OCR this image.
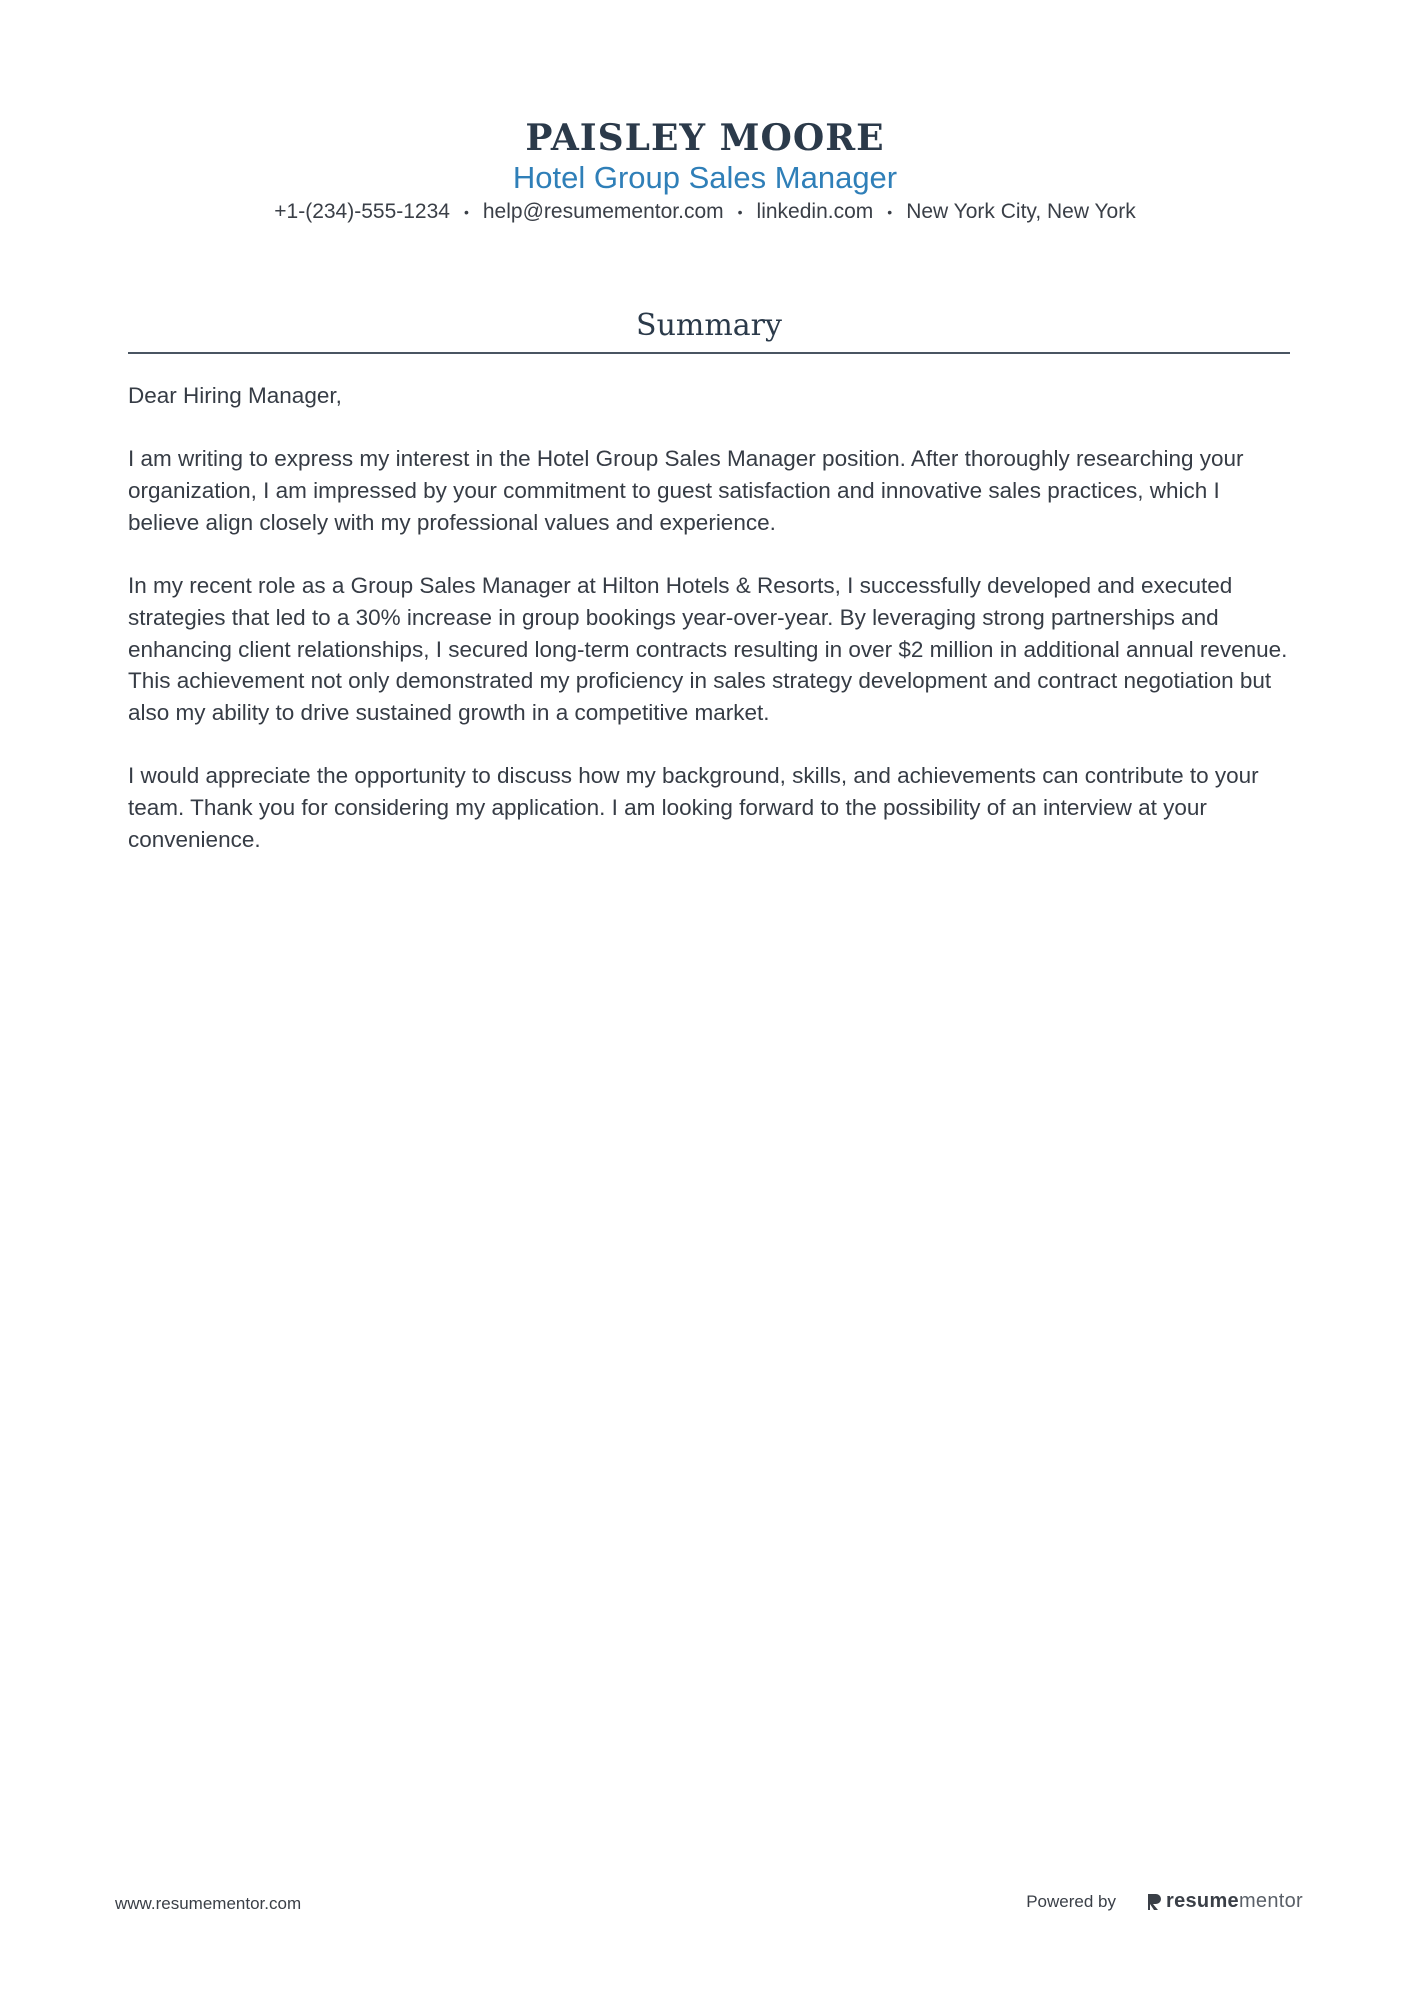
PAISLEY MOORE
Hotel Group Sales Manager
+1-(234)-555-1234 • help@resumementor.com • linkedin.com • New York City, New York
Summary

Dear Hiring Manager,

I am writing to express my interest in the Hotel Group Sales Manager position. After thoroughly researching your organization, I am impressed by your commitment to guest satisfaction and innovative sales practices, which I believe align closely with my professional values and experience.

In my recent role as a Group Sales Manager at Hilton Hotels & Resorts, I successfully developed and executed strategies that led to a 30% increase in group bookings year-over-year. By leveraging strong partnerships and enhancing client relationships, I secured long-term contracts resulting in over $2 million in additional annual revenue. This achievement not only demonstrated my proficiency in sales strategy development and contract negotiation but also my ability to drive sustained growth in a competitive market.

I would appreciate the opportunity to discuss how my background, skills, and achievements can contribute to your team. Thank you for considering my application. I am looking forward to the possibility of an interview at your convenience.

www.resumementor.com	Powered by	resume mentor
